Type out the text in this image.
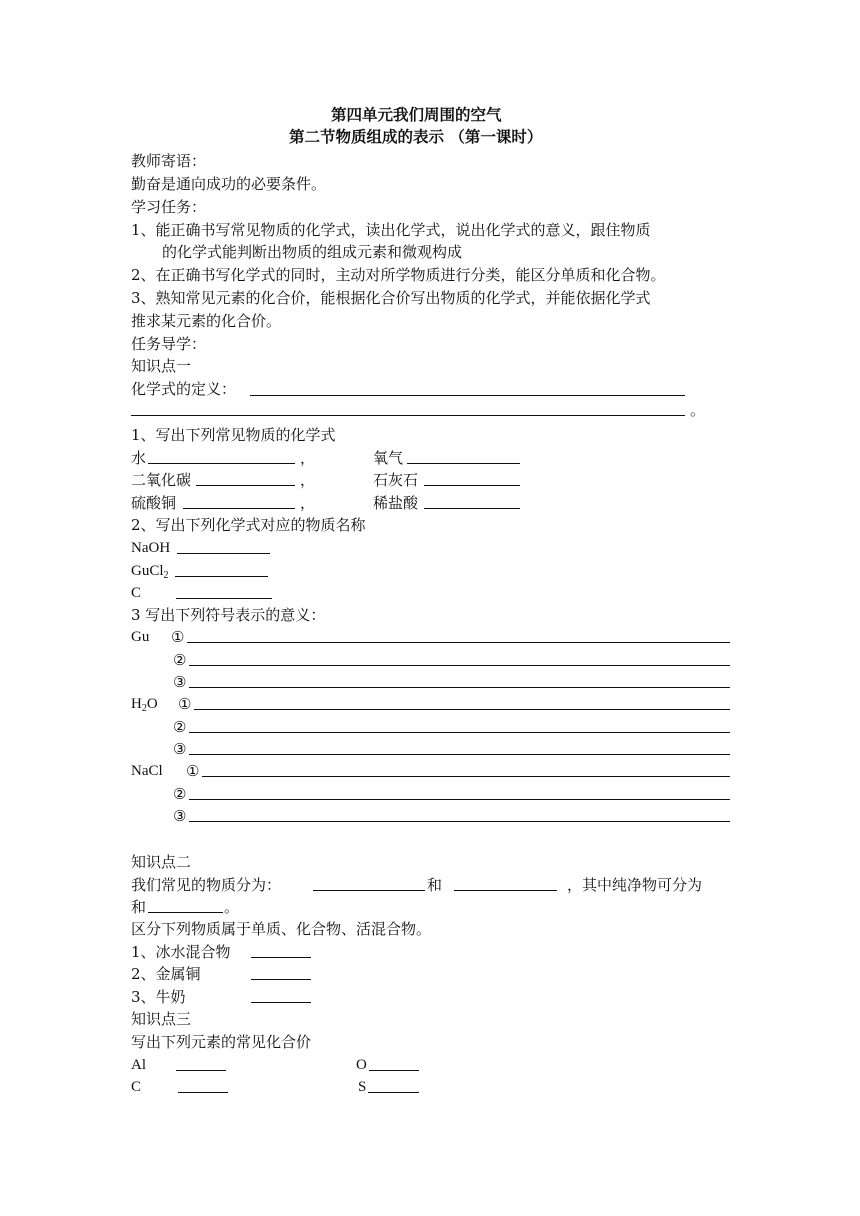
第四单元我们周围的空气
第二节物质组成的表示 （第一课时）
教师寄语：
勤奋是通向成功的必要条件。
学习任务：
1、能正确书写常见物质的化学式，读出化学式，说出化学式的意义，跟住物质
的化学式能判断出物质的组成元素和微观构成
2、在正确书写化学式的同时，主动对所学物质进行分类，能区分单质和化合物。
3、熟知常见元素的化合价，能根据化合价写出物质的化学式，并能依据化学式
推求某元素的化合价。
任务导学：
知识点一
化学式的定义：
。
1、写出下列常见物质的化学式
水	，	氧气
二氧化碳	，	石灰石
硫酸铜	，	稀盐酸
2、写出下列化学式对应的物质名称
NaOH
GuCl$_2$
C
3 写出下列符号表示的意义：
Gu ①
②
③
$H_2O$ ①
②
③
NaCl ①
②
③
知识点二
我们常见的物质分为：	和	，其中纯净物可分为
和	。
区分下列物质属于单质、化合物、活混合物。
1、冰水混合物
2、金属铜
3、牛奶
知识点三
写出下列元素的常见化合价
Al	O
C	S
